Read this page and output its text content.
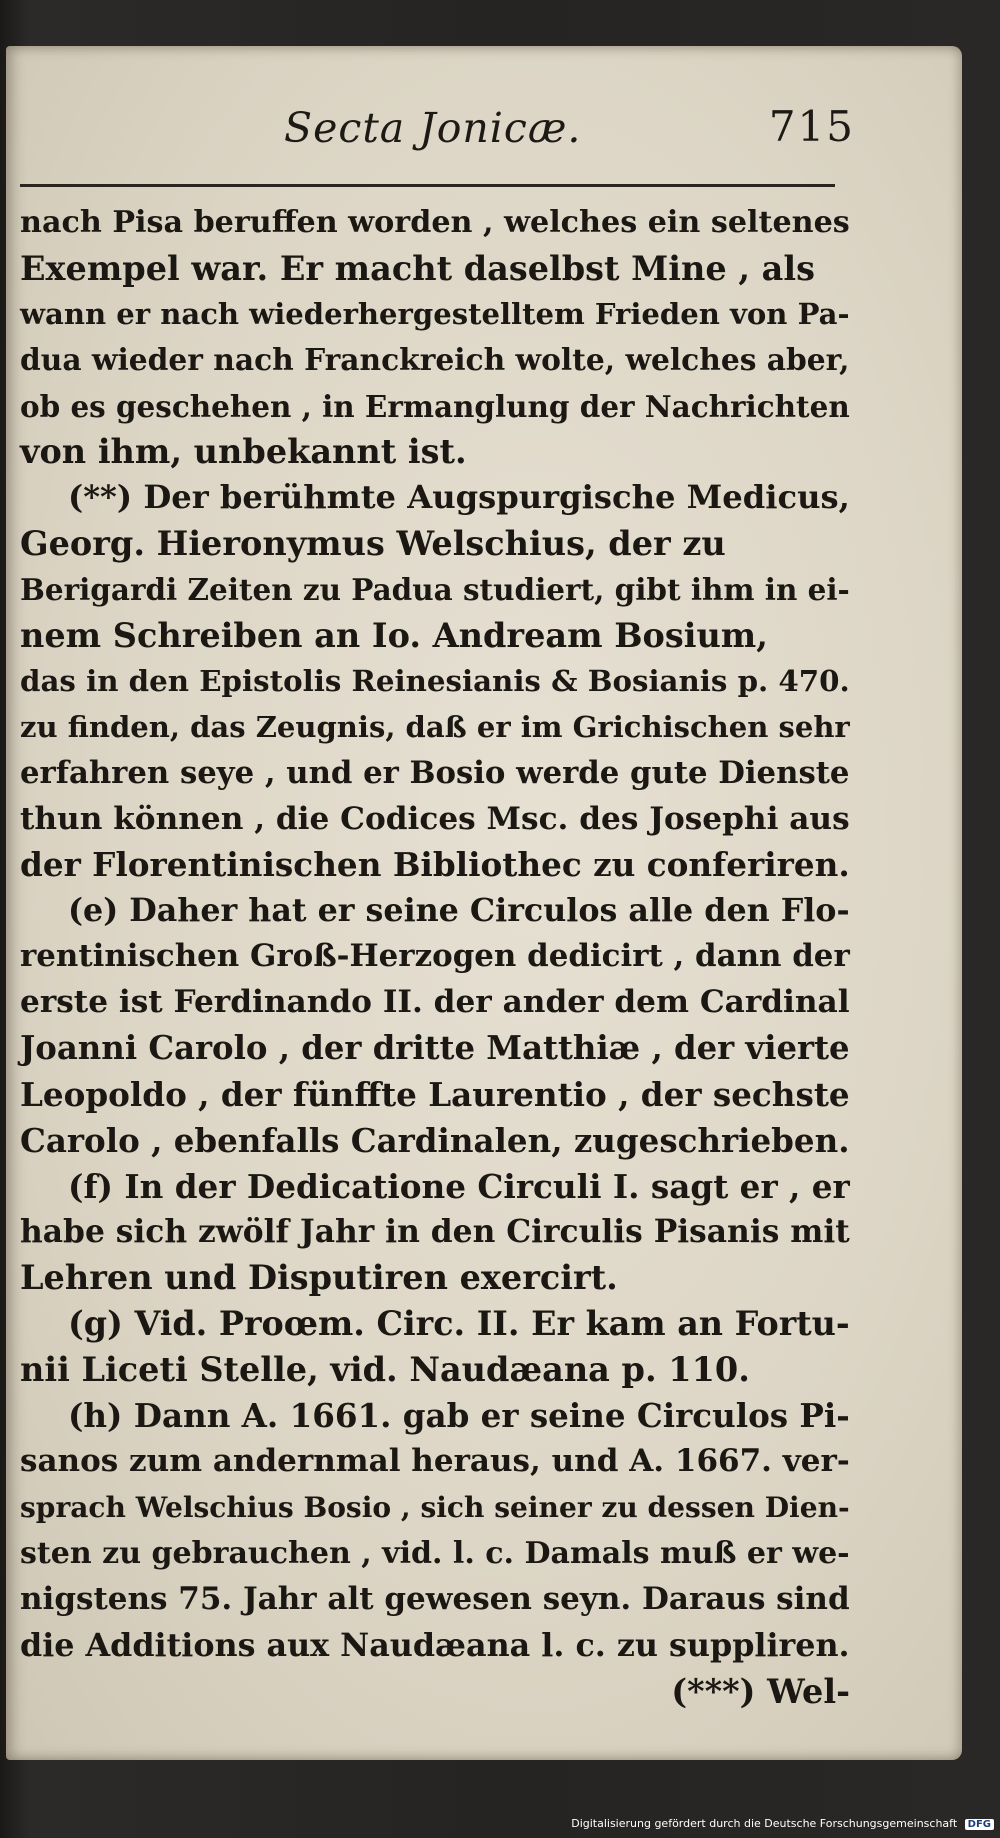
Secta Jonicæ.	715
nach Pisa beruffen worden , welches ein seltenes
Exempel war. Er macht daselbst Mine , als
wann er nach wiederhergestelltem Frieden von Pa-
dua wieder nach Franckreich wolte, welches aber,
ob es geschehen , in Ermanglung der Nachrichten
von ihm, unbekannt ist.
(**) Der berühmte Augspurgische Medicus,
Georg. Hieronymus Welschius, der zu
Berigardi Zeiten zu Padua studiert, gibt ihm in ei-
nem Schreiben an Io. Andream Bosium,
das in den Epistolis Reinesianis & Bosianis p. 470.
zu finden, das Zeugnis, daß er im Grichischen sehr
erfahren seye , und er Bosio werde gute Dienste
thun können , die Codices Msc. des Josephi aus
der Florentinischen Bibliothec zu conferiren.
(e) Daher hat er seine Circulos alle den Flo-
rentinischen Groß-Herzogen dedicirt , dann der
erste ist Ferdinando II. der ander dem Cardinal
Joanni Carolo , der dritte Matthiæ , der vierte
Leopoldo , der fünffte Laurentio , der sechste
Carolo , ebenfalls Cardinalen, zugeschrieben.
(f) In der Dedicatione Circuli I. sagt er , er
habe sich zwölf Jahr in den Circulis Pisanis mit
Lehren und Disputiren exercirt.
(g) Vid. Proœm. Circ. II. Er kam an Fortu-
nii Liceti Stelle, vid. Naudæana p. 110.
(h) Dann A. 1661. gab er seine Circulos Pi-
sanos zum andernmal heraus, und A. 1667. ver-
sprach Welschius Bosio , sich seiner zu dessen Dien-
sten zu gebrauchen , vid. l. c. Damals muß er we-
nigstens 75. Jahr alt gewesen seyn. Daraus sind
die Additions aux Naudæana l. c. zu suppliren.
(***) Wel-
Digitalisierung gefördert durch die Deutsche Forschungsgemeinschaft DFG
